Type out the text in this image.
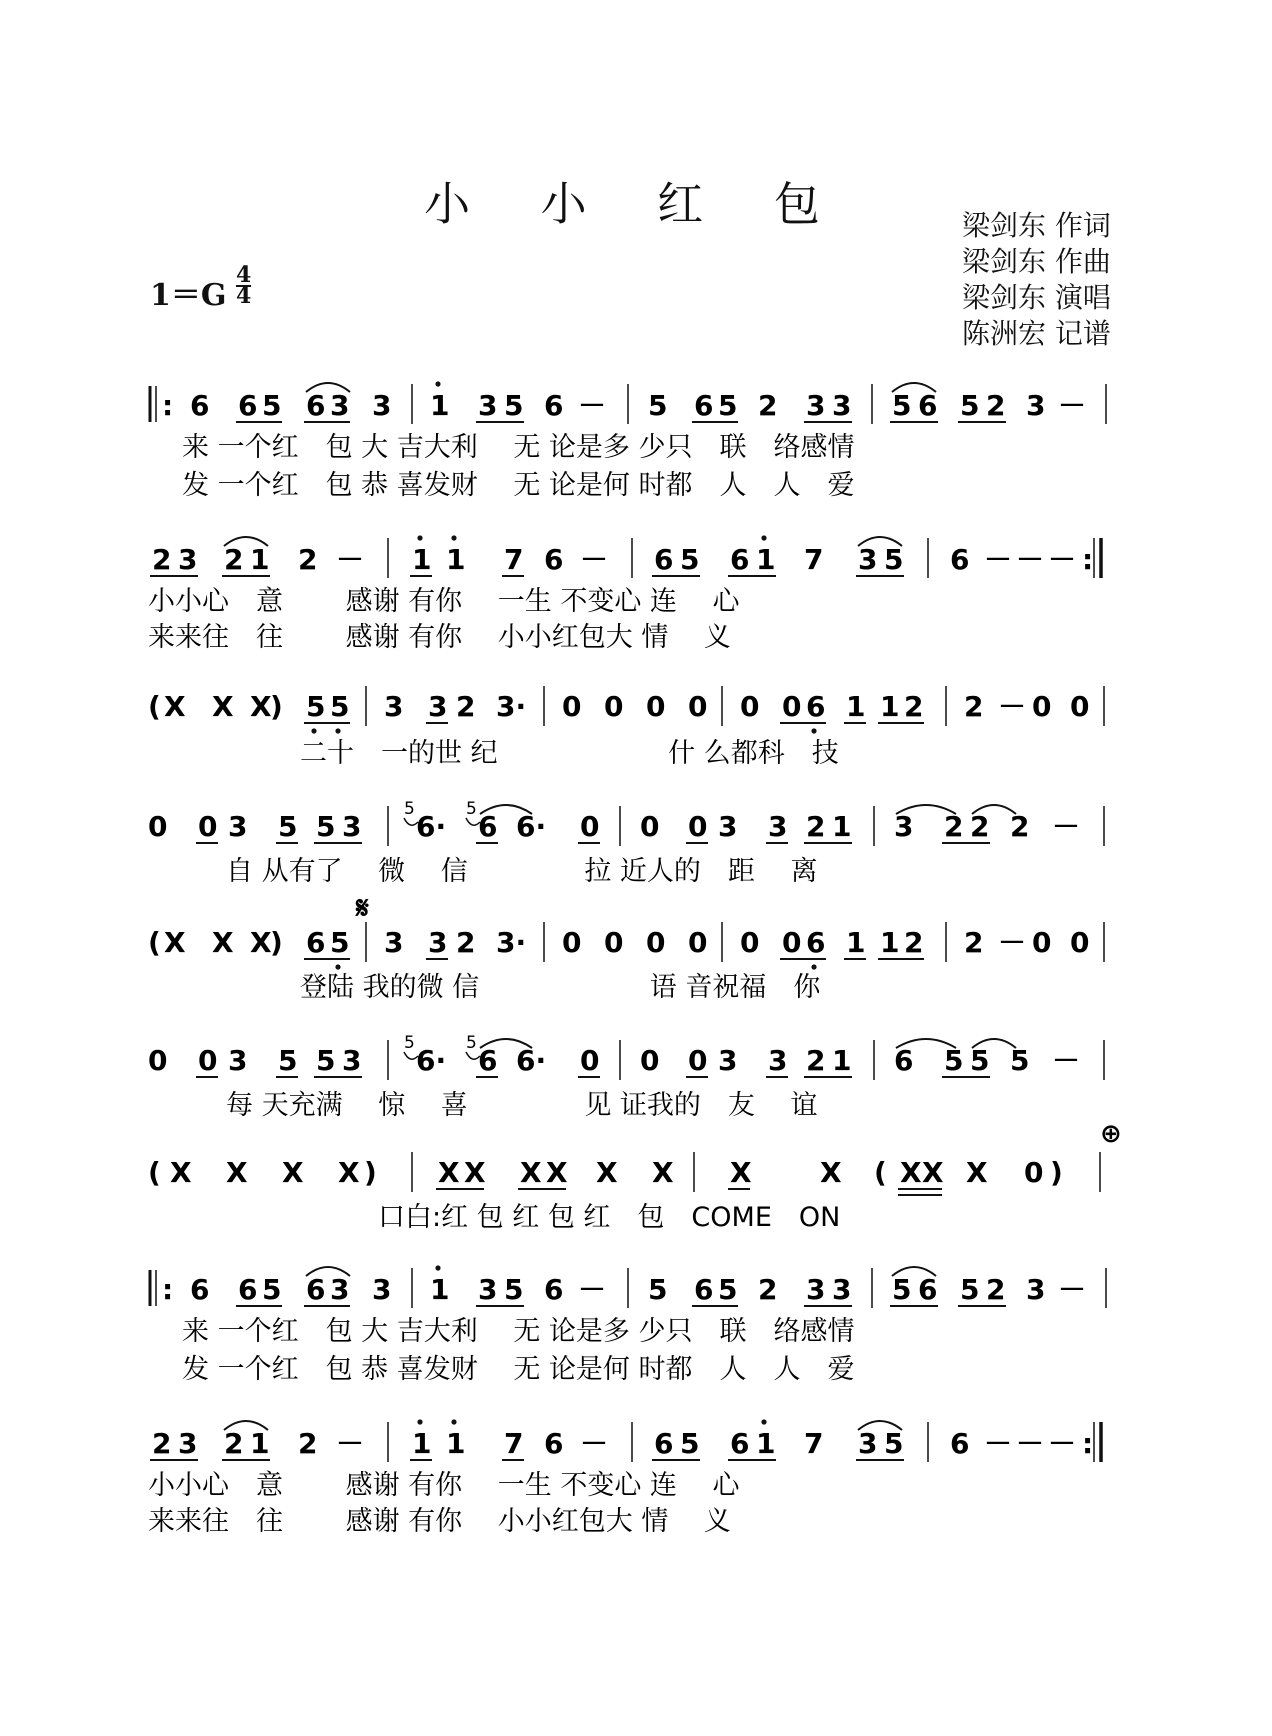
小 小 红 包	梁剑东 作词
梁剑东 作曲
梁剑东 演唱
陈洲宏 记谱
$1=G \frac{4}{4}$
: 6 6 5 6 3 3 1 3 5 6 － 5 6 5 2 3 3 5 6 5 2 3 －
来 一个红　包 大 吉大利　 无 论是多 少只　联　络感情
发 一个红　包 恭 喜发财　 无 论是何 时都　人　人　爱
2 3 2 1 2 － 1 1 7 6 － 6 5 6 1 7 3 5 6 － － － :
小小心　意　　 感谢 有你　 一生 不变心 连　 心
来来往　往　　 感谢 有你　 小小红包大 情　 义
( X X X
) 5 5 3 3 2 3· 0 0 0 0 0 0 6 1 1 2 2 － 0 0
二十　一的世 纪　　　　　　 什 么都科　技
0 0 3 5 5 3
5
6·
5
6 6· 0 0 0 3 3 2 1 3 2 2 2 －
自 从有了　 微　 信　　　　 拉 近人的　距　 离
( X X X
) 6 5
𝄋
3 3 2 3· 0 0 0 0 0 0 6 1 1 2 2 － 0 0
登陆 我的微 信　　　　　　 语 音祝福　你
0 0 3 5 5 3
5
6·
5
6 6· 0 0 0 3 3 2 1 6 5 5 5 －
每 天充满　 惊　 喜　　　　 见 证我的　友　 谊
⊕
( X X X X ) X X X X X X X X ( X X X 0 )
口白:红 包 红 包 红　包　COME　ON
: 6 6 5 6 3 3 1 3 5 6 － 5 6 5 2 3 3 5 6 5 2 3 －
来 一个红　包 大 吉大利　 无 论是多 少只　联　络感情
发 一个红　包 恭 喜发财　 无 论是何 时都　人　人　爱
2 3 2 1 2 － 1 1 7 6 － 6 5 6 1 7 3 5 6 － － － :
小小心　意　　 感谢 有你　 一生 不变心 连　 心
来来往　往　　 感谢 有你　 小小红包大 情　 义
